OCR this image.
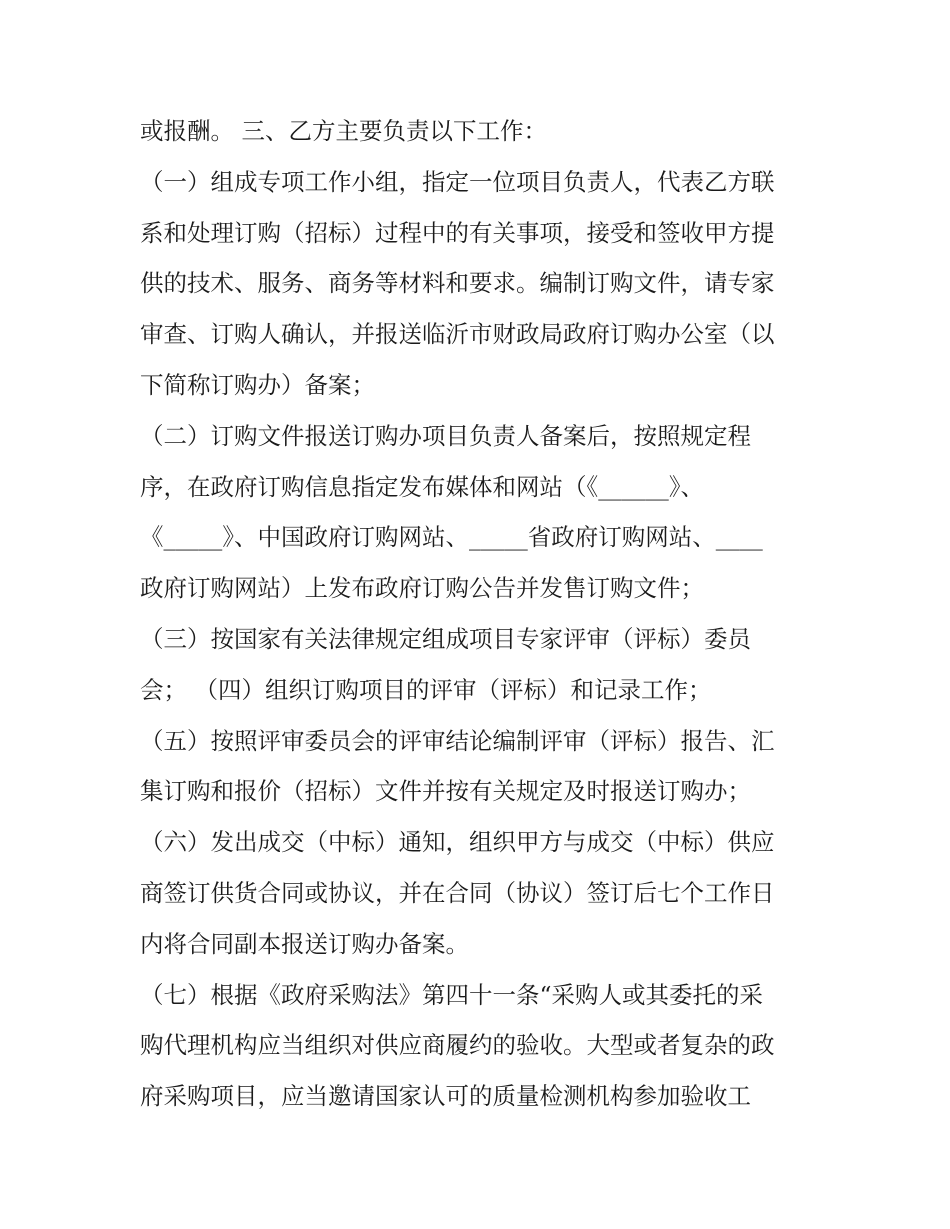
或报酬。 三、乙方主要负责以下工作：
（一）组成专项工作小组，指定一位项目负责人，代表乙方联
系和处理订购（招标）过程中的有关事项，接受和签收甲方提
供的技术、服务、商务等材料和要求。编制订购文件，请专家
审查、订购人确认，并报送临沂市财政局政府订购办公室（以
下简称订购办）备案；
（二）订购文件报送订购办项目负责人备案后，按照规定程
序，在政府订购信息指定发布媒体和网站（《______》、
《_____》、中国政府订购网站、_____省政府订购网站、____
政府订购网站）上发布政府订购公告并发售订购文件；
（三）按国家有关法律规定组成项目专家评审（评标）委员
会； （四）组织订购项目的评审（评标）和记录工作；
（五）按照评审委员会的评审结论编制评审（评标）报告、汇
集订购和报价（招标）文件并按有关规定及时报送订购办；
（六）发出成交（中标）通知，组织甲方与成交（中标）供应
商签订供货合同或协议，并在合同（协议）签订后七个工作日
内将合同副本报送订购办备案。
（七）根据《政府采购法》第四十一条“采购人或其委托的采
购代理机构应当组织对供应商履约的验收。大型或者复杂的政
府采购项目，应当邀请国家认可的质量检测机构参加验收工
